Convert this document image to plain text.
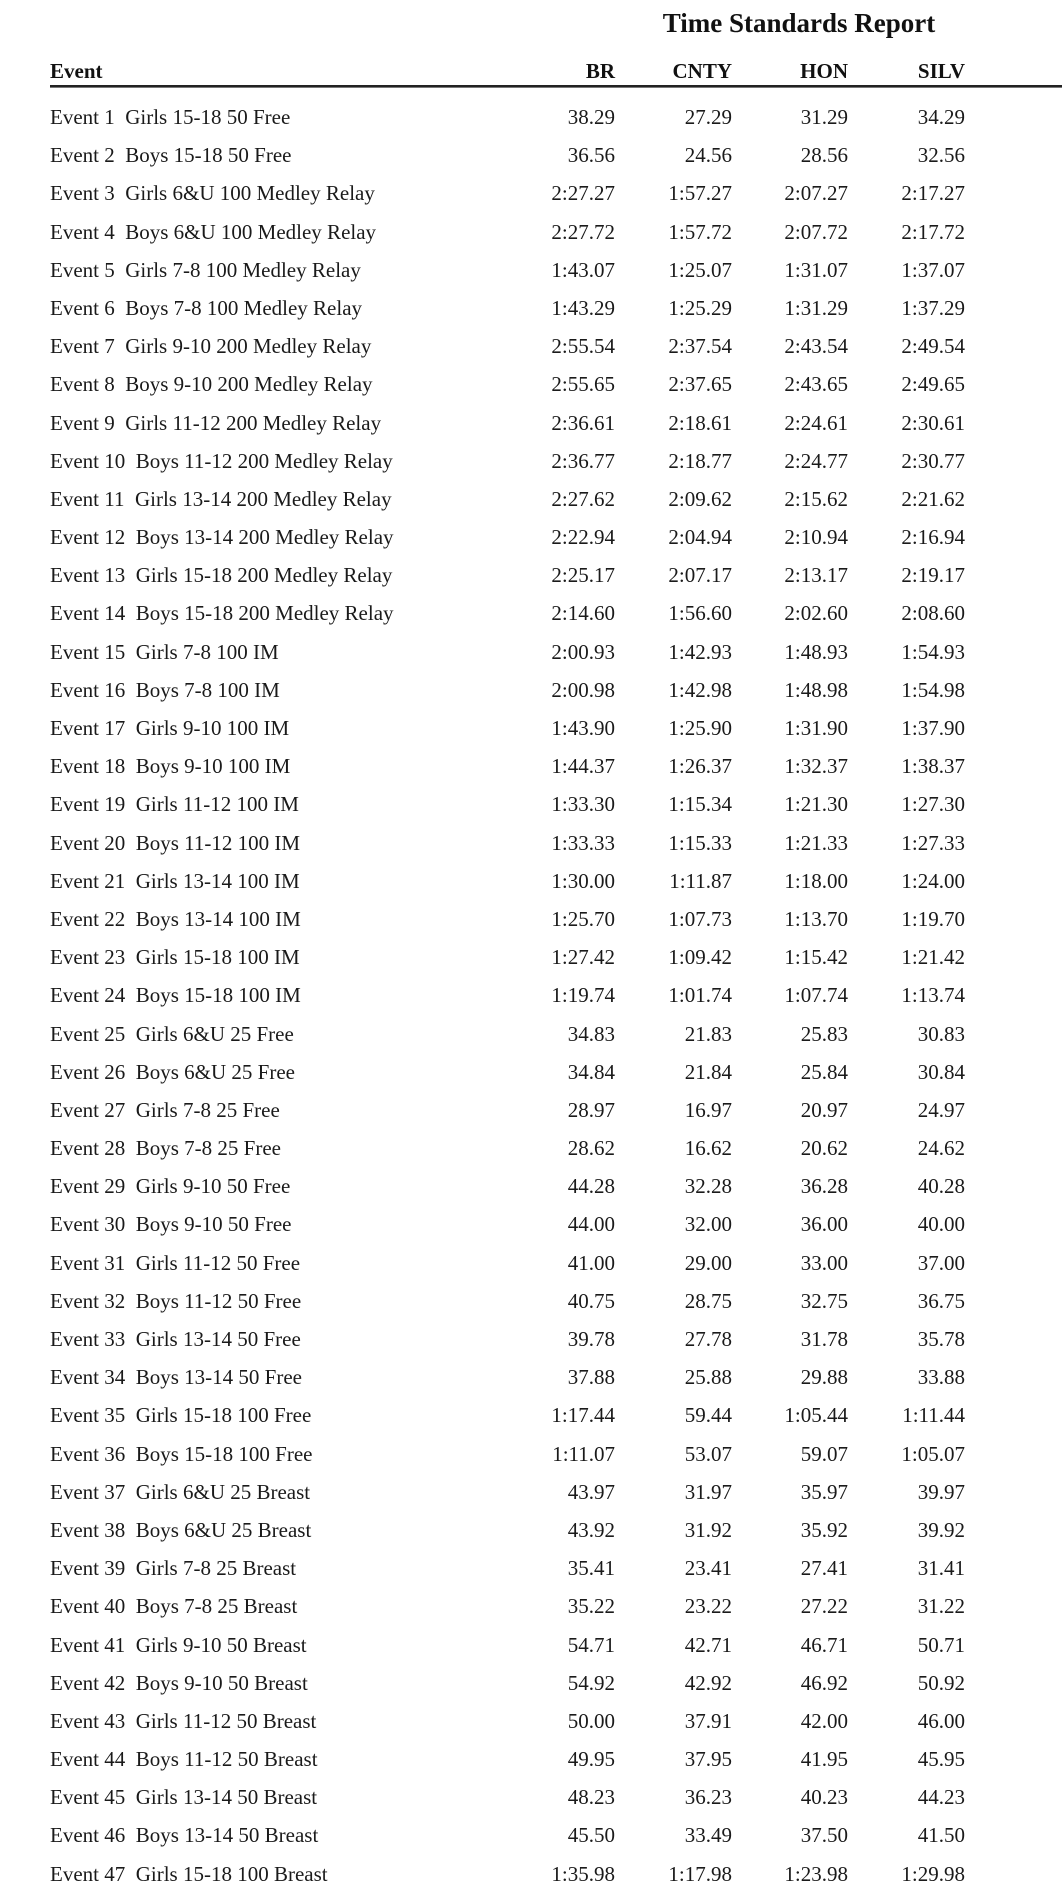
Time Standards Report
Event	BR	CNTY	HON	SILV
Event 1  Girls 15-18 50 Free	38.29	27.29	31.29	34.29
Event 2  Boys 15-18 50 Free	36.56	24.56	28.56	32.56
Event 3  Girls 6&U 100 Medley Relay	2:27.27	1:57.27	2:07.27	2:17.27
Event 4  Boys 6&U 100 Medley Relay	2:27.72	1:57.72	2:07.72	2:17.72
Event 5  Girls 7-8 100 Medley Relay	1:43.07	1:25.07	1:31.07	1:37.07
Event 6  Boys 7-8 100 Medley Relay	1:43.29	1:25.29	1:31.29	1:37.29
Event 7  Girls 9-10 200 Medley Relay	2:55.54	2:37.54	2:43.54	2:49.54
Event 8  Boys 9-10 200 Medley Relay	2:55.65	2:37.65	2:43.65	2:49.65
Event 9  Girls 11-12 200 Medley Relay	2:36.61	2:18.61	2:24.61	2:30.61
Event 10  Boys 11-12 200 Medley Relay	2:36.77	2:18.77	2:24.77	2:30.77
Event 11  Girls 13-14 200 Medley Relay	2:27.62	2:09.62	2:15.62	2:21.62
Event 12  Boys 13-14 200 Medley Relay	2:22.94	2:04.94	2:10.94	2:16.94
Event 13  Girls 15-18 200 Medley Relay	2:25.17	2:07.17	2:13.17	2:19.17
Event 14  Boys 15-18 200 Medley Relay	2:14.60	1:56.60	2:02.60	2:08.60
Event 15  Girls 7-8 100 IM	2:00.93	1:42.93	1:48.93	1:54.93
Event 16  Boys 7-8 100 IM	2:00.98	1:42.98	1:48.98	1:54.98
Event 17  Girls 9-10 100 IM	1:43.90	1:25.90	1:31.90	1:37.90
Event 18  Boys 9-10 100 IM	1:44.37	1:26.37	1:32.37	1:38.37
Event 19  Girls 11-12 100 IM	1:33.30	1:15.34	1:21.30	1:27.30
Event 20  Boys 11-12 100 IM	1:33.33	1:15.33	1:21.33	1:27.33
Event 21  Girls 13-14 100 IM	1:30.00	1:11.87	1:18.00	1:24.00
Event 22  Boys 13-14 100 IM	1:25.70	1:07.73	1:13.70	1:19.70
Event 23  Girls 15-18 100 IM	1:27.42	1:09.42	1:15.42	1:21.42
Event 24  Boys 15-18 100 IM	1:19.74	1:01.74	1:07.74	1:13.74
Event 25  Girls 6&U 25 Free	34.83	21.83	25.83	30.83
Event 26  Boys 6&U 25 Free	34.84	21.84	25.84	30.84
Event 27  Girls 7-8 25 Free	28.97	16.97	20.97	24.97
Event 28  Boys 7-8 25 Free	28.62	16.62	20.62	24.62
Event 29  Girls 9-10 50 Free	44.28	32.28	36.28	40.28
Event 30  Boys 9-10 50 Free	44.00	32.00	36.00	40.00
Event 31  Girls 11-12 50 Free	41.00	29.00	33.00	37.00
Event 32  Boys 11-12 50 Free	40.75	28.75	32.75	36.75
Event 33  Girls 13-14 50 Free	39.78	27.78	31.78	35.78
Event 34  Boys 13-14 50 Free	37.88	25.88	29.88	33.88
Event 35  Girls 15-18 100 Free	1:17.44	59.44	1:05.44	1:11.44
Event 36  Boys 15-18 100 Free	1:11.07	53.07	59.07	1:05.07
Event 37  Girls 6&U 25 Breast	43.97	31.97	35.97	39.97
Event 38  Boys 6&U 25 Breast	43.92	31.92	35.92	39.92
Event 39  Girls 7-8 25 Breast	35.41	23.41	27.41	31.41
Event 40  Boys 7-8 25 Breast	35.22	23.22	27.22	31.22
Event 41  Girls 9-10 50 Breast	54.71	42.71	46.71	50.71
Event 42  Boys 9-10 50 Breast	54.92	42.92	46.92	50.92
Event 43  Girls 11-12 50 Breast	50.00	37.91	42.00	46.00
Event 44  Boys 11-12 50 Breast	49.95	37.95	41.95	45.95
Event 45  Girls 13-14 50 Breast	48.23	36.23	40.23	44.23
Event 46  Boys 13-14 50 Breast	45.50	33.49	37.50	41.50
Event 47  Girls 15-18 100 Breast	1:35.98	1:17.98	1:23.98	1:29.98
